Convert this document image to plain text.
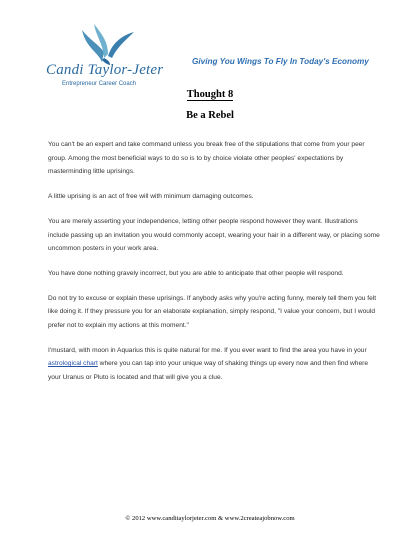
Candi Taylor-Jeter
Entrepreneur Career Coach
Giving You Wings To Fly In Today's Economy
Thought 8
Be a Rebel

You can't be an expert and take command unless you break free of the stipulations that come from your peer group. Among the most beneficial ways to do so is to by choice violate other peoples' expectations by masterminding little uprisings.

A little uprising is an act of free will with minimum damaging outcomes.

You are merely asserting your independence, letting other people respond however they want. Illustrations include passing up an invitation you would commonly accept, wearing your hair in a different way, or placing some uncommon posters in your work area.

You have done nothing gravely incorrect, but you are able to anticipate that other people will respond.

Do not try to excuse or explain these uprisings. If anybody asks why you're acting funny, merely tell them you felt like doing it. If they pressure you for an elaborate explanation, simply respond, "I value your concern, but I would prefer not to explain my actions at this moment."

I'mustard, with moon in Aquarius this is quite natural for me. If you ever want to find the area you have in your astrological chart where you can tap into your unique way of shaking things up every now and then find where your Uranus or Pluto is located and that will give you a clue.

© 2012 www.canditaylorjeter.com & www.2createajobnow.com
